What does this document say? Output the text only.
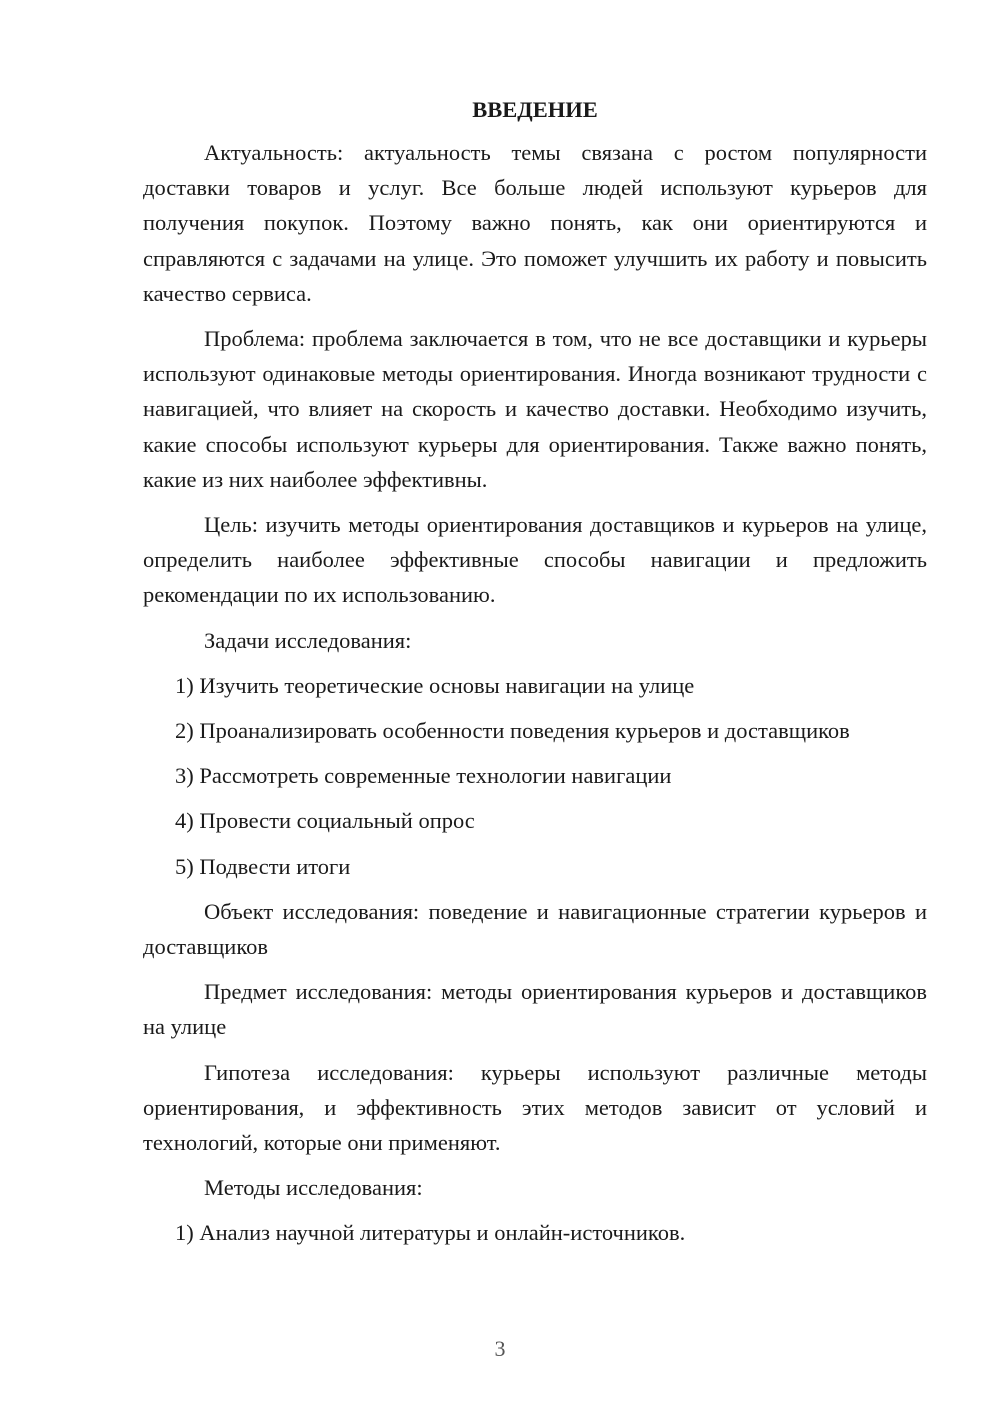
ВВЕДЕНИЕ

Актуальность: актуальность темы связана с ростом популярности доставки товаров и услуг. Все больше людей используют курьеров для получения покупок. Поэтому важно понять, как они ориентируются и справляются с задачами на улице. Это поможет улучшить их работу и повысить качество сервиса.

Проблема: проблема заключается в том, что не все доставщики и курьеры используют одинаковые методы ориентирования. Иногда возникают трудности с навигацией, что влияет на скорость и качество доставки. Необходимо изучить, какие способы используют курьеры для ориентирования. Также важно понять, какие из них наиболее эффективны.

Цель: изучить методы ориентирования доставщиков и курьеров на улице, определить наиболее эффективные способы навигации и предложить рекомендации по их использованию.

Задачи исследования:

1) Изучить теоретические основы навигации на улице

2) Проанализировать особенности поведения курьеров и доставщиков

3) Рассмотреть современные технологии навигации

4) Провести социальный опрос

5) Подвести итоги

Объект исследования: поведение и навигационные стратегии курьеров и доставщиков

Предмет исследования: методы ориентирования курьеров и доставщиков на улице

Гипотеза исследования: курьеры используют различные методы ориентирования, и эффективность этих методов зависит от условий и технологий, которые они применяют.

Методы исследования:

1) Анализ научной литературы и онлайн-источников.

3
